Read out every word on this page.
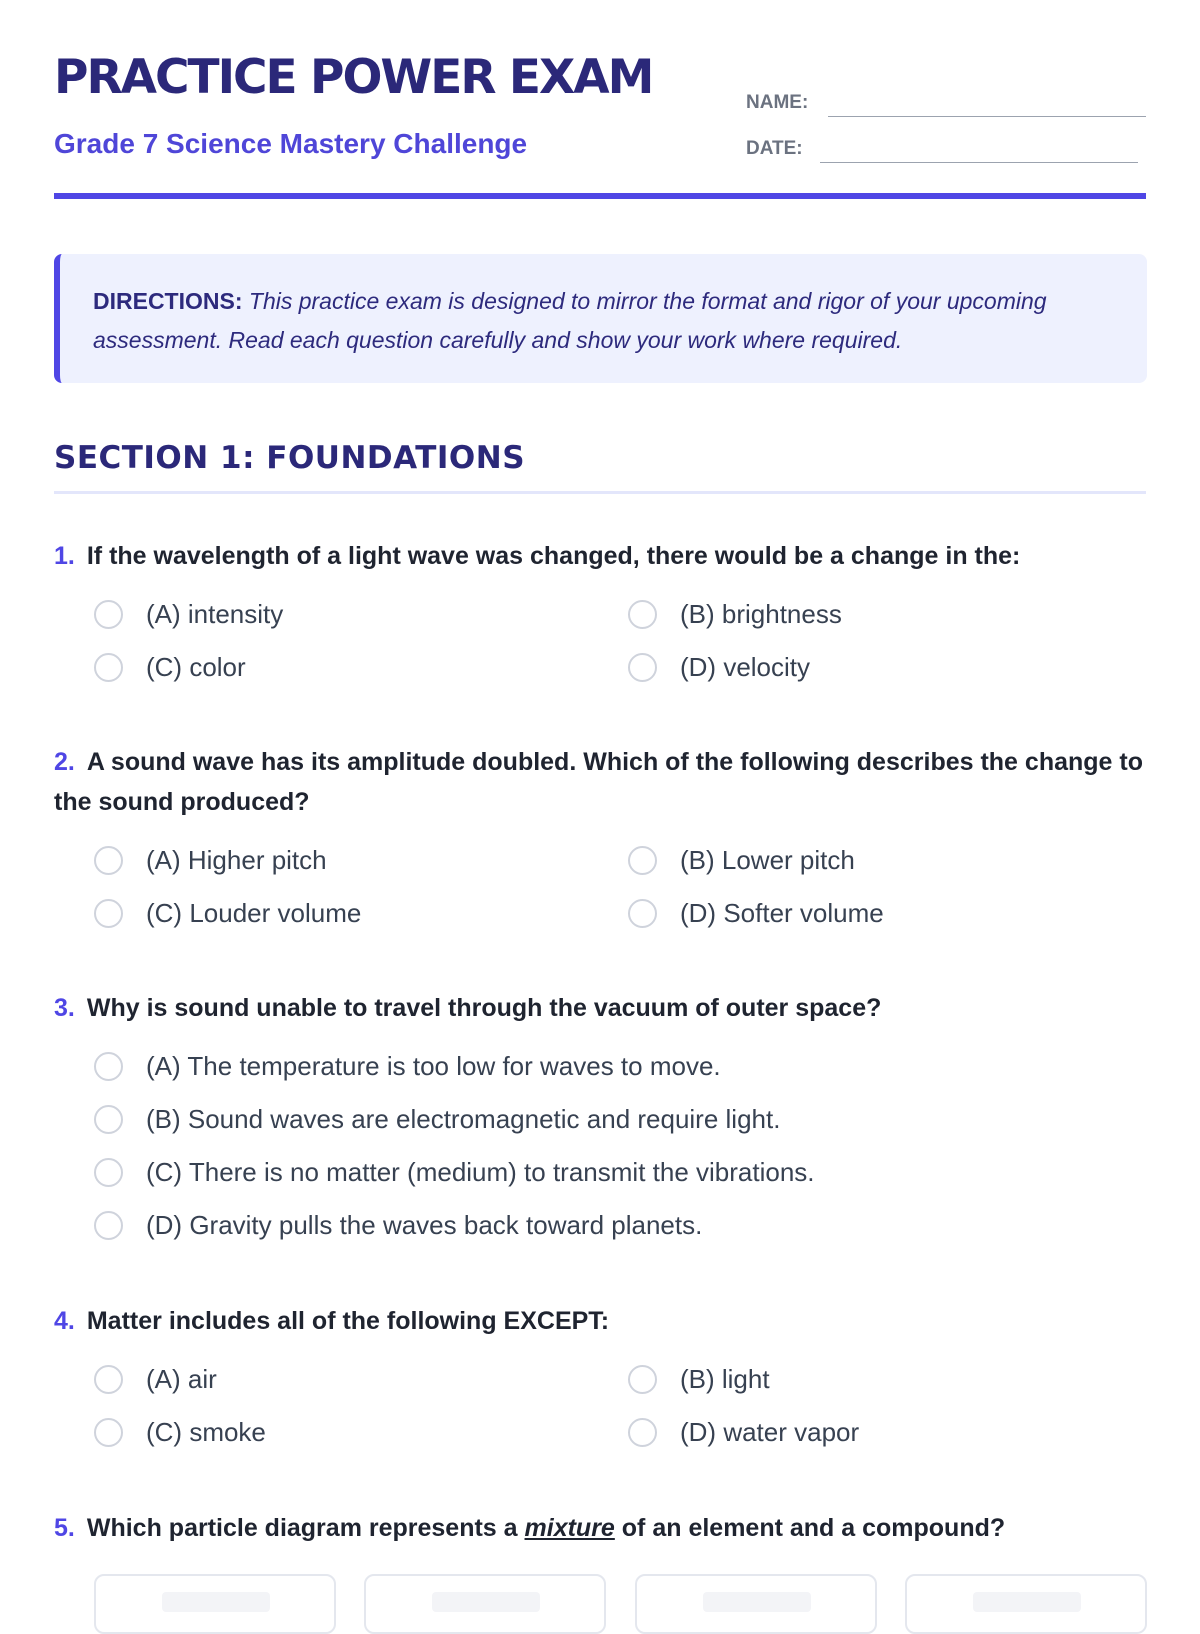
PRACTICE POWER EXAM
Grade 7 Science Mastery Challenge
NAME:
DATE:
DIRECTIONS: This practice exam is designed to mirror the format and rigor of your upcoming assessment. Read each question carefully and show your work where required.
SECTION 1: FOUNDATIONS
1. If the wavelength of a light wave was changed, there would be a change in the:
(A) intensity	(B) brightness
(C) color	(D) velocity
2. A sound wave has its amplitude doubled. Which of the following describes the change to the sound produced?
(A) Higher pitch	(B) Lower pitch
(C) Louder volume	(D) Softer volume
3. Why is sound unable to travel through the vacuum of outer space?
(A) The temperature is too low for waves to move.
(B) Sound waves are electromagnetic and require light.
(C) There is no matter (medium) to transmit the vibrations.
(D) Gravity pulls the waves back toward planets.
4. Matter includes all of the following EXCEPT:
(A) air	(B) light
(C) smoke	(D) water vapor
5. Which particle diagram represents a mixture of an element and a compound?
